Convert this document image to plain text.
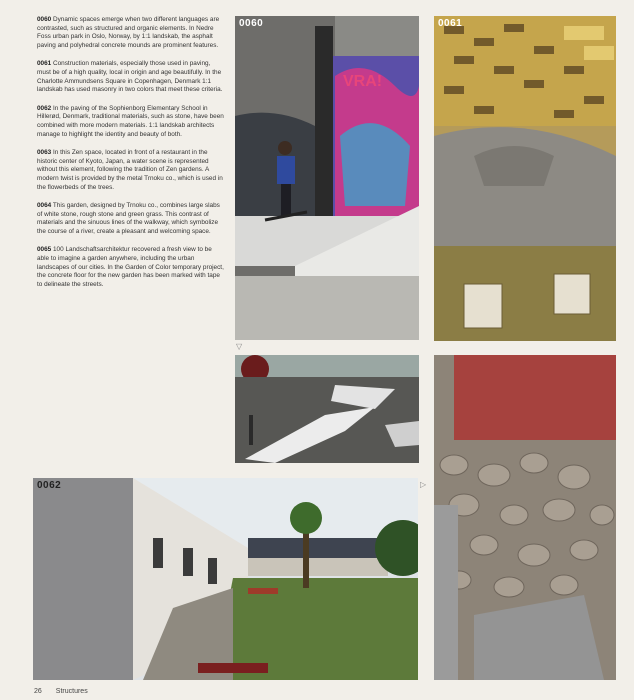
0060 Dynamic spaces emerge when two different languages are contrasted, such as structured and organic elements. In Nedre Foss urban park in Oslo, Norway, by 1:1 landskab, the asphalt paving and polyhedral concrete mounds are prominent features.

0061 Construction materials, especially those used in paving, must be of a high quality, local in origin and age beautifully. In the Charlotte Ammundsens Square in Copenhagen, Denmark 1:1 landskab has used masonry in two colors that meet these criteria.

0062 In the paving of the Sophienborg Elementary School in Hillerød, Denmark, traditional materials, such as stone, have been combined with more modern materials. 1:1 landskab architects manage to highlight the identity and beauty of both.

0063 In this Zen space, located in front of a restaurant in the historic center of Kyoto, Japan, a water scene is represented without this element, following the tradition of Zen gardens. A modern twist is provided by the metal Trnoku co., which is used in the flowerbeds of the trees.

0064 This garden, designed by Trnoku co., combines large slabs of white stone, rough stone and green grass. This contrast of materials and the sinuous lines of the walkway, which symbolize the course of a river, create a pleasant and welcoming space.

0065 100 Landschaftsarchitektur recovered a fresh view to be able to imagine a garden anywhere, including the urban landscapes of our cities. In the Garden of Color temporary project, the concrete floor for the new garden has been marked with tape to delineate the streets.

VRA!
0060	0061
0062
▽
▷
26 Structures
